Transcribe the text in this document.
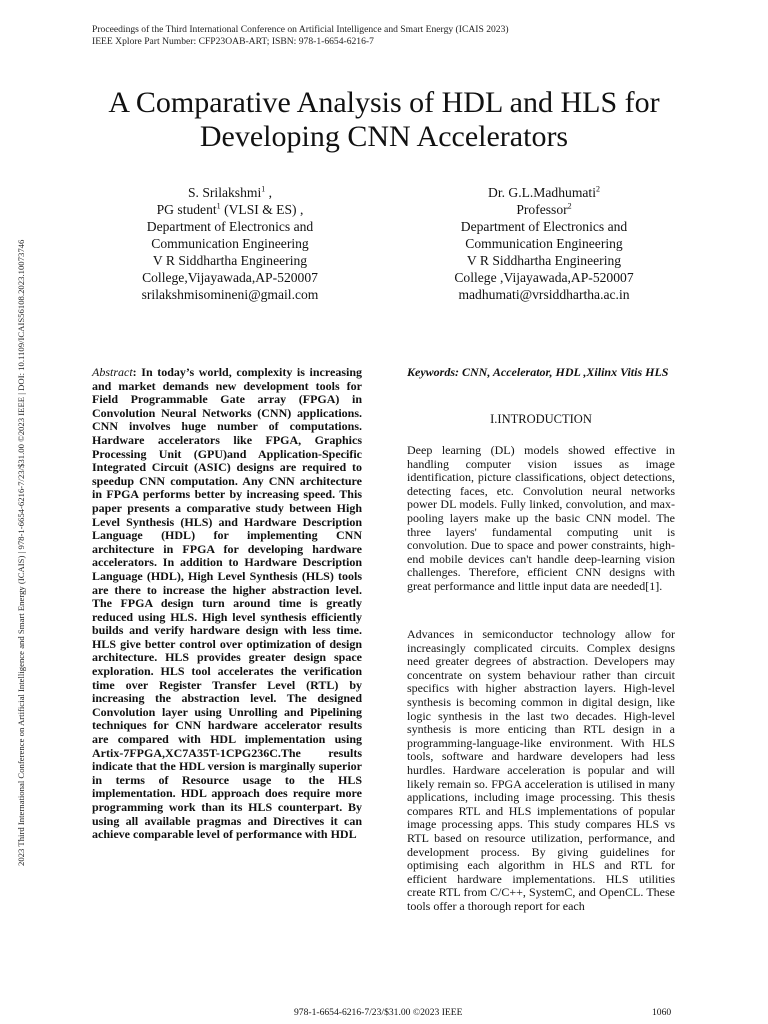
Proceedings of the Third International Conference on Artificial Intelligence and Smart Energy (ICAIS 2023)
IEEE Xplore Part Number: CFP23OAB-ART; ISBN: 978-1-6654-6216-7
2023 Third International Conference on Artificial Intelligence and Smart Energy (ICAIS) | 978-1-6654-6216-7/23/$31.00 ©2023 IEEE | DOI: 10.1109/ICAIS56108.2023.10073746
A Comparative Analysis of HDL and HLS for
Developing CNN Accelerators
S. Srilakshmi$^1$ ,
PG student$^1$ (VLSI & ES) ,
Department of Electronics and
Communication Engineering
V R Siddhartha Engineering
College,Vijayawada,AP-520007
srilakshmisomineni@gmail.com
Dr. G.L.Madhumati$^2$
Professor$^2$
Department of Electronics and
Communication Engineering
V R Siddhartha Engineering
College ,Vijayawada,AP-520007
madhumati@vrsiddhartha.ac.in
Abstract: In today’s world, complexity is increasing and market demands new development tools for Field Programmable Gate array (FPGA) in Convolution Neural Networks (CNN) applications. CNN involves huge number of computations. Hardware accelerators like FPGA, Graphics Processing Unit (GPU)and Application-Specific Integrated Circuit (ASIC) designs are required to speedup CNN computation. Any CNN architecture in FPGA performs better by increasing speed. This paper presents a comparative study between High Level Synthesis (HLS) and Hardware Description Language (HDL) for implementing CNN architecture in FPGA for developing hardware accelerators. In addition to Hardware Description Language (HDL), High Level Synthesis (HLS) tools are there to increase the higher abstraction level. The FPGA design turn around time is greatly reduced using HLS. High level synthesis efficiently builds and verify hardware design with less time. HLS give better control over optimization of design architecture. HLS provides greater design space exploration. HLS tool accelerates the verification time over Register Transfer Level (RTL) by increasing the abstraction level. The designed Convolution layer using Unrolling and Pipelining techniques for CNN hardware accelerator results are compared with HDL implementation using Artix-7FPGA,XC7A35T-1CPG236C.The results indicate that the HDL version is marginally superior in terms of Resource usage to the HLS implementation. HDL approach does require more programming work than its HLS counterpart. By using all available pragmas and Directives it can achieve comparable level of performance with HDL
Keywords: CNN, Accelerator, HDL ,Xilinx Vitis HLS
I.INTRODUCTION
Deep learning (DL) models showed effective in handling computer vision issues as image identification, picture classifications, object detections, detecting faces, etc. Convolution neural networks power DL models. Fully linked, convolution, and max-pooling layers make up the basic CNN model. The three layers' fundamental computing unit is convolution. Due to space and power constraints, high-end mobile devices can't handle deep-learning vision challenges. Therefore, efficient CNN designs with great performance and little input data are needed[1].
Advances in semiconductor technology allow for increasingly complicated circuits. Complex designs need greater degrees of abstraction. Developers may concentrate on system behaviour rather than circuit specifics with higher abstraction layers. High-level synthesis is becoming common in digital design, like logic synthesis in the last two decades. High-level synthesis is more enticing than RTL design in a programming-language-like environment. With HLS tools, software and hardware developers had less hurdles. Hardware acceleration is popular and will likely remain so. FPGA acceleration is utilised in many applications, including image processing. This thesis compares RTL and HLS implementations of popular image processing apps. This study compares HLS vs RTL based on resource utilization, performance, and development process. By giving guidelines for optimising each algorithm in HLS and RTL for efficient hardware implementations. HLS utilities create RTL from C/C++, SystemC, and OpenCL. These tools offer a thorough report for each
978-1-6654-6216-7/23/$31.00 ©2023 IEEE	1060
